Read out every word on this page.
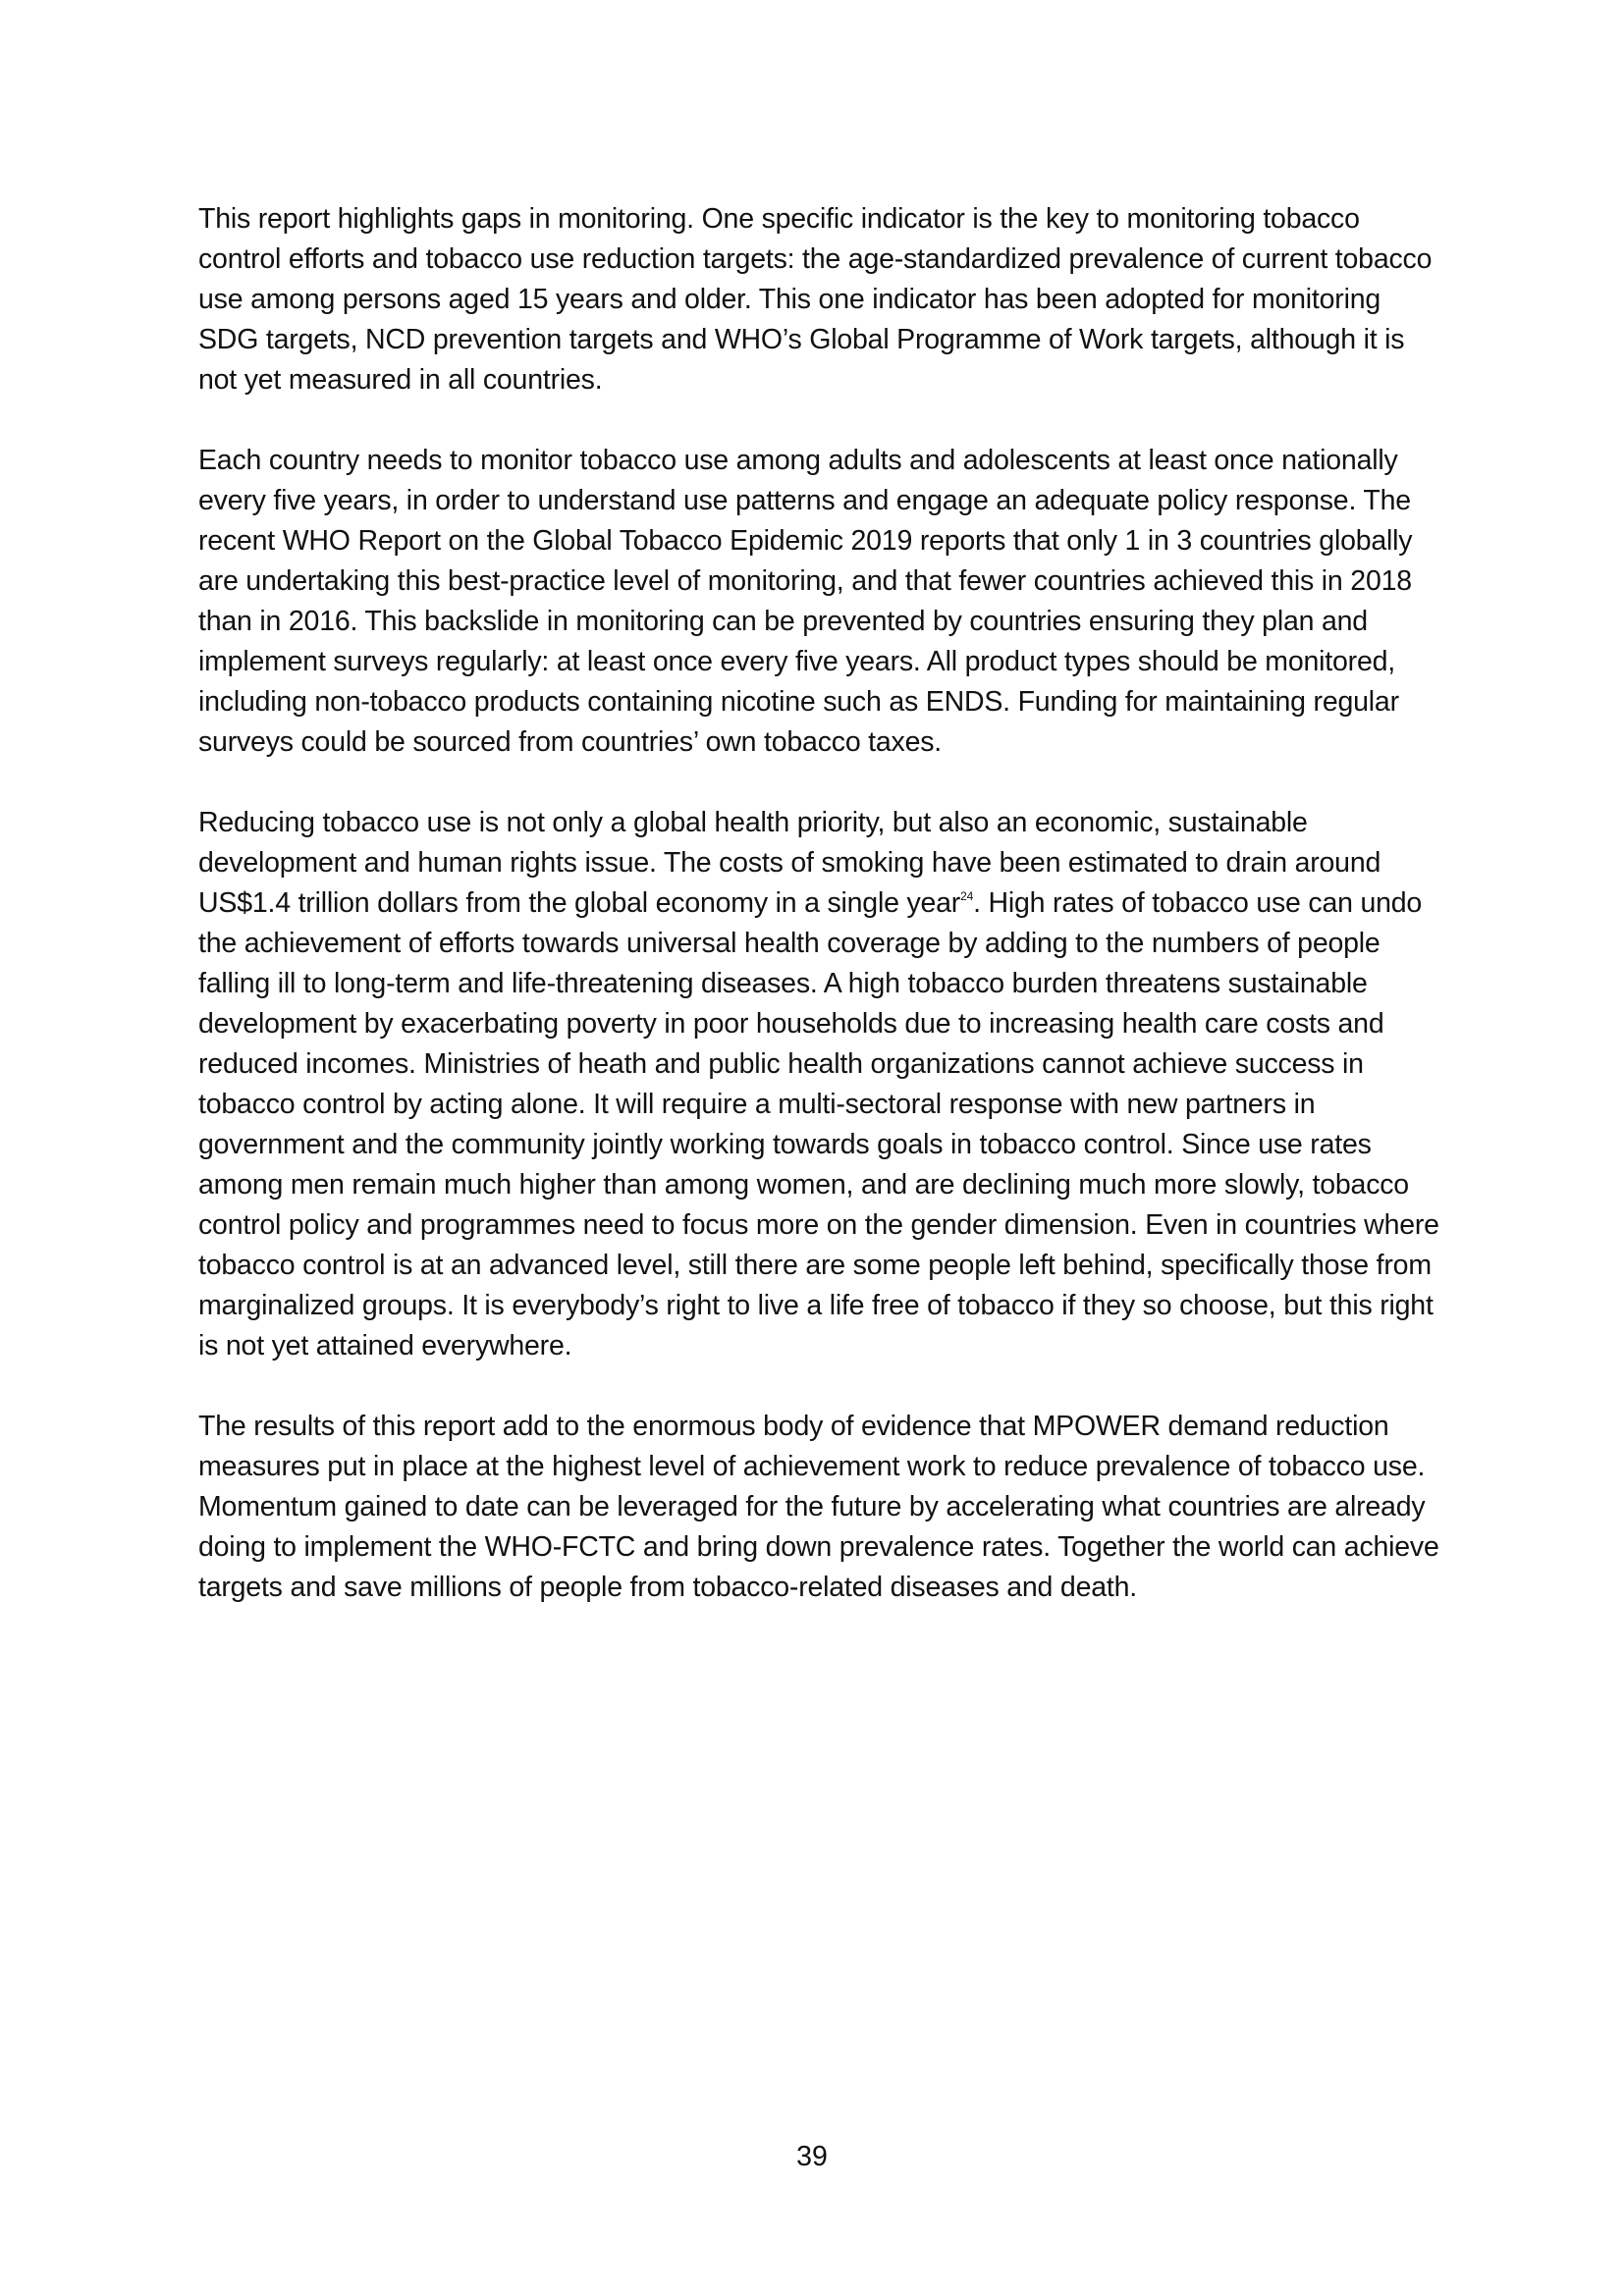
This report highlights gaps in monitoring. One specific indicator is the key to monitoring tobacco control efforts and tobacco use reduction targets: the age-standardized prevalence of current tobacco use among persons aged 15 years and older. This one indicator has been adopted for monitoring SDG targets, NCD prevention targets and WHO’s Global Programme of Work targets, although it is not yet measured in all countries.

Each country needs to monitor tobacco use among adults and adolescents at least once nationally every five years, in order to understand use patterns and engage an adequate policy response. The recent WHO Report on the Global Tobacco Epidemic 2019 reports that only 1 in 3 countries globally are undertaking this best-practice level of monitoring, and that fewer countries achieved this in 2018 than in 2016. This backslide in monitoring can be prevented by countries ensuring they plan and implement surveys regularly: at least once every five years. All product types should be monitored, including non-tobacco products containing nicotine such as ENDS. Funding for maintaining regular surveys could be sourced from countries’ own tobacco taxes.

Reducing tobacco use is not only a global health priority, but also an economic, sustainable development and human rights issue. The costs of smoking have been estimated to drain around US$1.4 trillion dollars from the global economy in a single year$^{24}$. High rates of tobacco use can undo the achievement of efforts towards universal health coverage by adding to the numbers of people falling ill to long-term and life-threatening diseases. A high tobacco burden threatens sustainable development by exacerbating poverty in poor households due to increasing health care costs and reduced incomes. Ministries of heath and public health organizations cannot achieve success in tobacco control by acting alone. It will require a multi-sectoral response with new partners in government and the community jointly working towards goals in tobacco control. Since use rates among men remain much higher than among women, and are declining much more slowly, tobacco control policy and programmes need to focus more on the gender dimension. Even in countries where tobacco control is at an advanced level, still there are some people left behind, specifically those from marginalized groups. It is everybody’s right to live a life free of tobacco if they so choose, but this right is not yet attained everywhere.

The results of this report add to the enormous body of evidence that MPOWER demand reduction measures put in place at the highest level of achievement work to reduce prevalence of tobacco use. Momentum gained to date can be leveraged for the future by accelerating what countries are already doing to implement the WHO-FCTC and bring down prevalence rates. Together the world can achieve targets and save millions of people from tobacco-related diseases and death.

39
